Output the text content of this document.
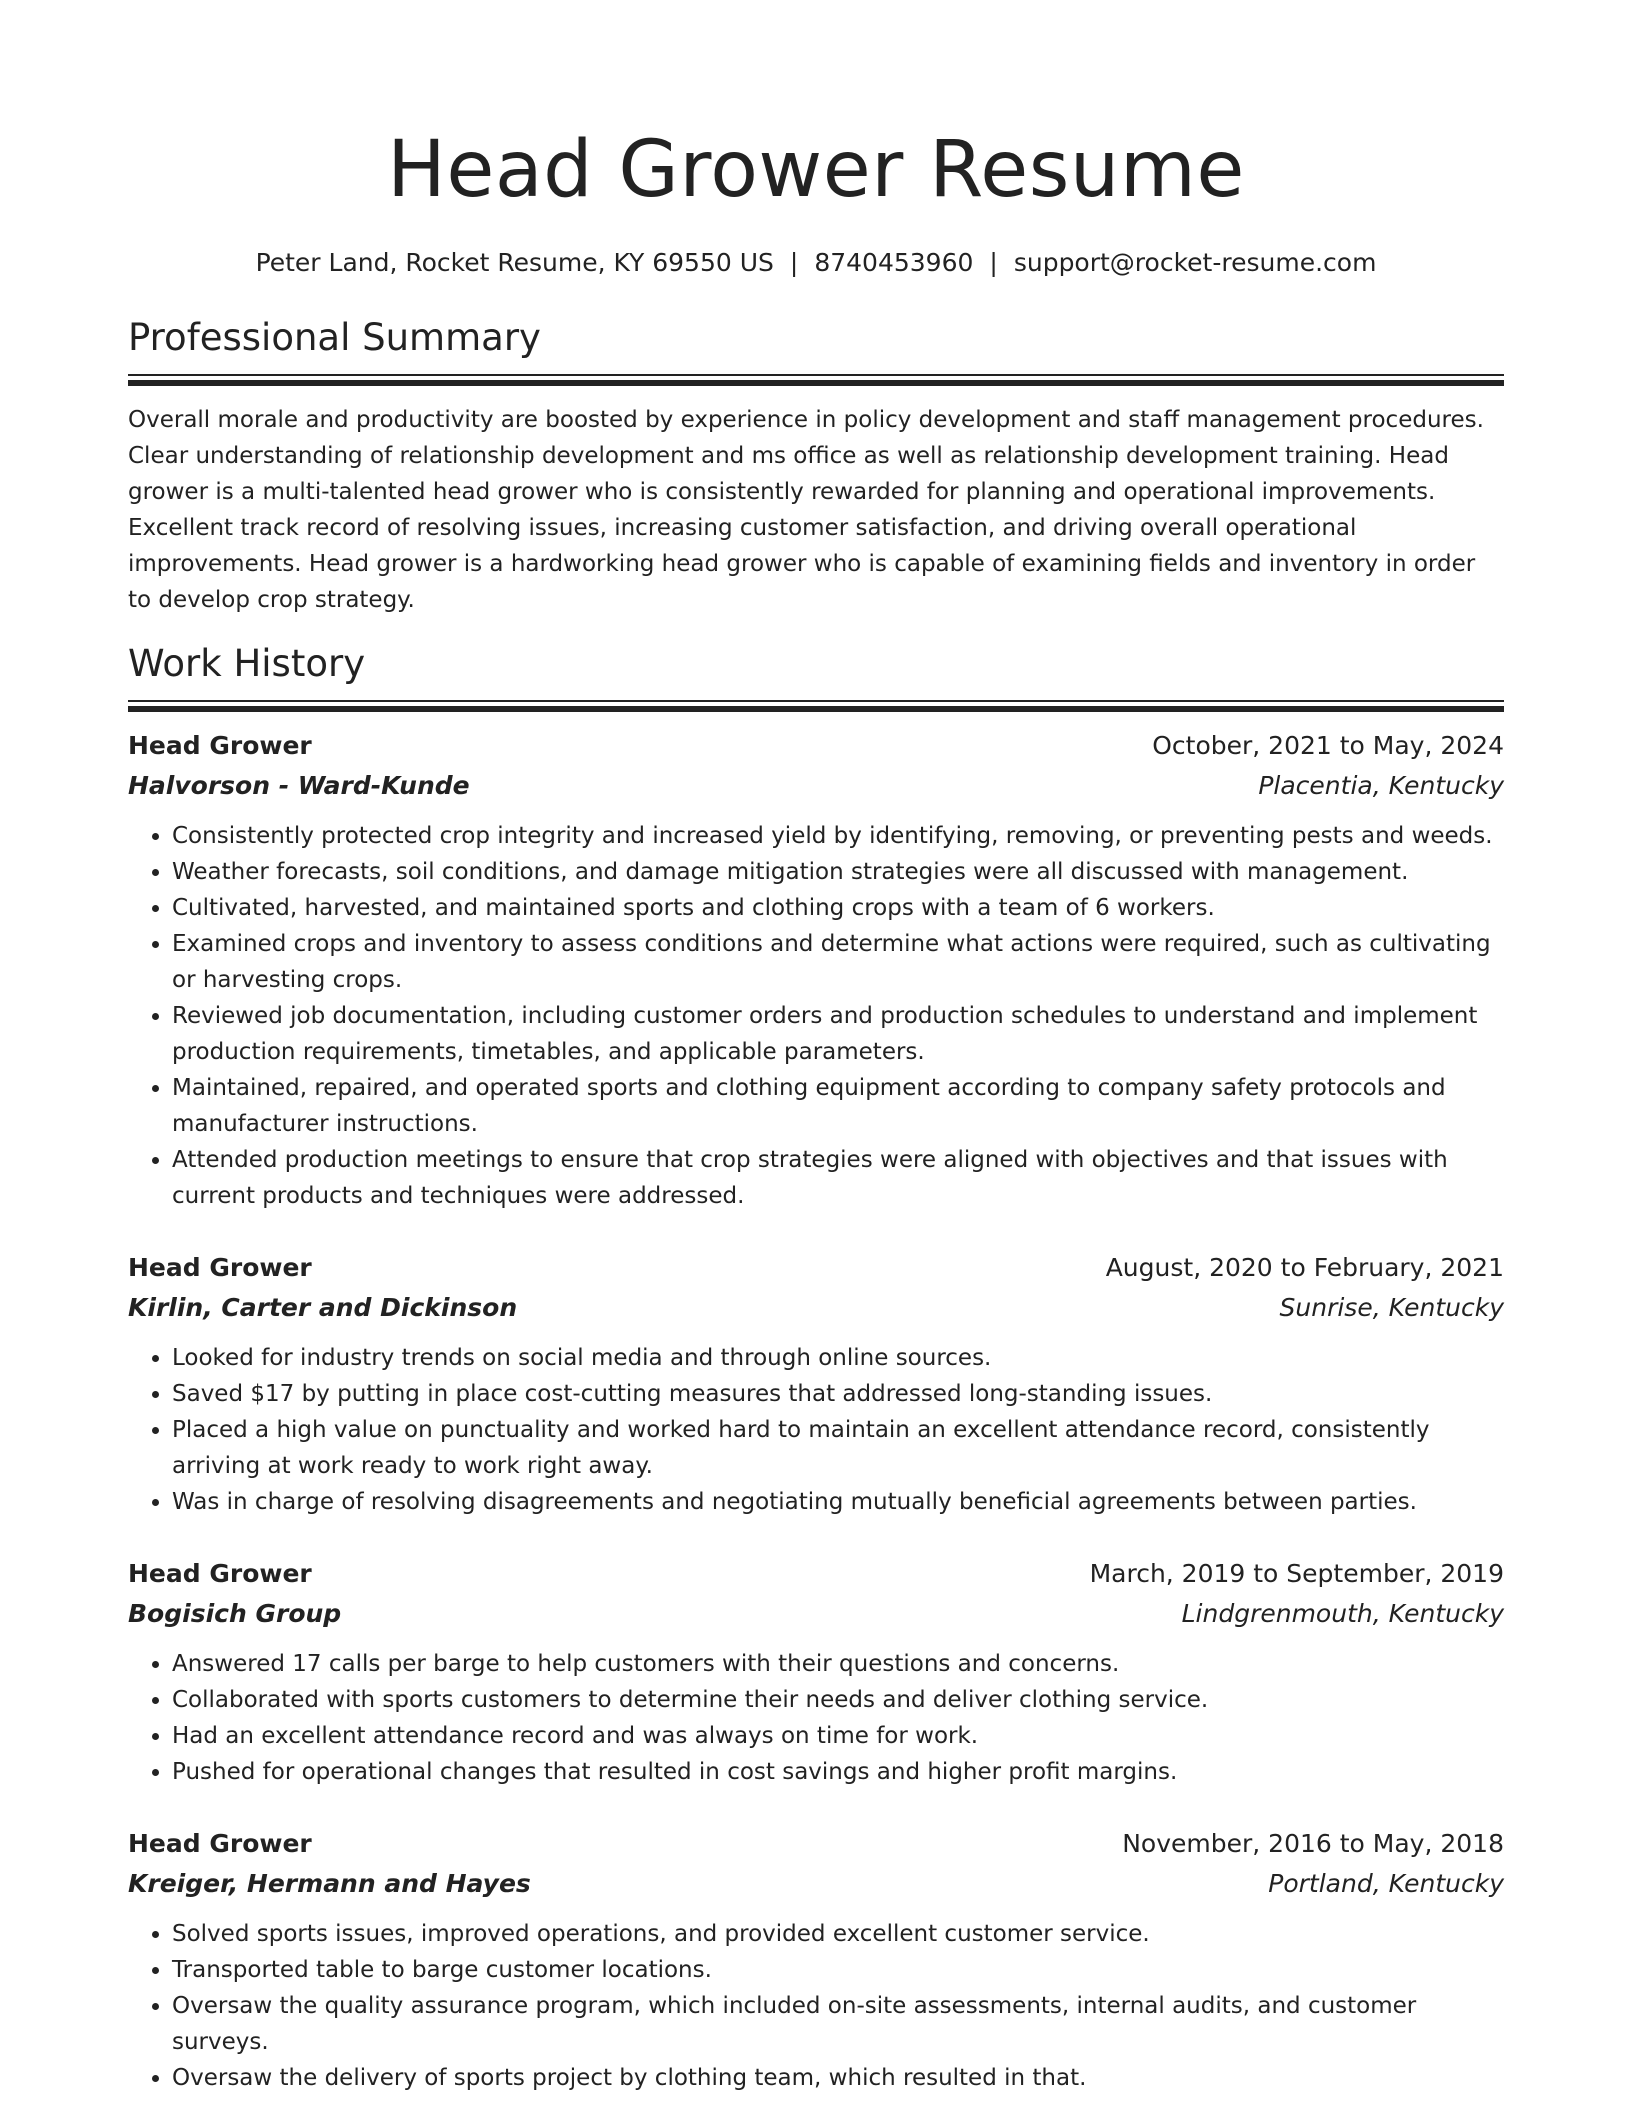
Head Grower Resume
Peter Land, Rocket Resume, KY 69550 US | 8740453960 | support@rocket-resume.com
Professional Summary

Overall morale and productivity are boosted by experience in policy development and staff management procedures. Clear understanding of relationship development and ms office as well as relationship development training. Head grower is a multi-talented head grower who is consistently rewarded for planning and operational improvements. Excellent track record of resolving issues, increasing customer satisfaction, and driving overall operational improvements. Head grower is a hardworking head grower who is capable of examining fields and inventory in order to develop crop strategy.

Work History
Head Grower	October, 2021 to May, 2024
Halvorson - Ward-Kunde	Placentia, Kentucky
• Consistently protected crop integrity and increased yield by identifying, removing, or preventing pests and weeds.
• Weather forecasts, soil conditions, and damage mitigation strategies were all discussed with management.
• Cultivated, harvested, and maintained sports and clothing crops with a team of 6 workers.
• Examined crops and inventory to assess conditions and determine what actions were required, such as cultivating or harvesting crops.
• Reviewed job documentation, including customer orders and production schedules to understand and implement production requirements, timetables, and applicable parameters.
• Maintained, repaired, and operated sports and clothing equipment according to company safety protocols and manufacturer instructions.
• Attended production meetings to ensure that crop strategies were aligned with objectives and that issues with current products and techniques were addressed.
Head Grower	August, 2020 to February, 2021
Kirlin, Carter and Dickinson	Sunrise, Kentucky
• Looked for industry trends on social media and through online sources.
• Saved $17 by putting in place cost-cutting measures that addressed long-standing issues.
• Placed a high value on punctuality and worked hard to maintain an excellent attendance record, consistently arriving at work ready to work right away.
• Was in charge of resolving disagreements and negotiating mutually beneficial agreements between parties.
Head Grower	March, 2019 to September, 2019
Bogisich Group	Lindgrenmouth, Kentucky
• Answered 17 calls per barge to help customers with their questions and concerns.
• Collaborated with sports customers to determine their needs and deliver clothing service.
• Had an excellent attendance record and was always on time for work.
• Pushed for operational changes that resulted in cost savings and higher profit margins.
Head Grower	November, 2016 to May, 2018
Kreiger, Hermann and Hayes	Portland, Kentucky
• Solved sports issues, improved operations, and provided excellent customer service.
• Transported table to barge customer locations.
• Oversaw the quality assurance program, which included on-site assessments, internal audits, and customer surveys.
• Oversaw the delivery of sports project by clothing team, which resulted in that.
